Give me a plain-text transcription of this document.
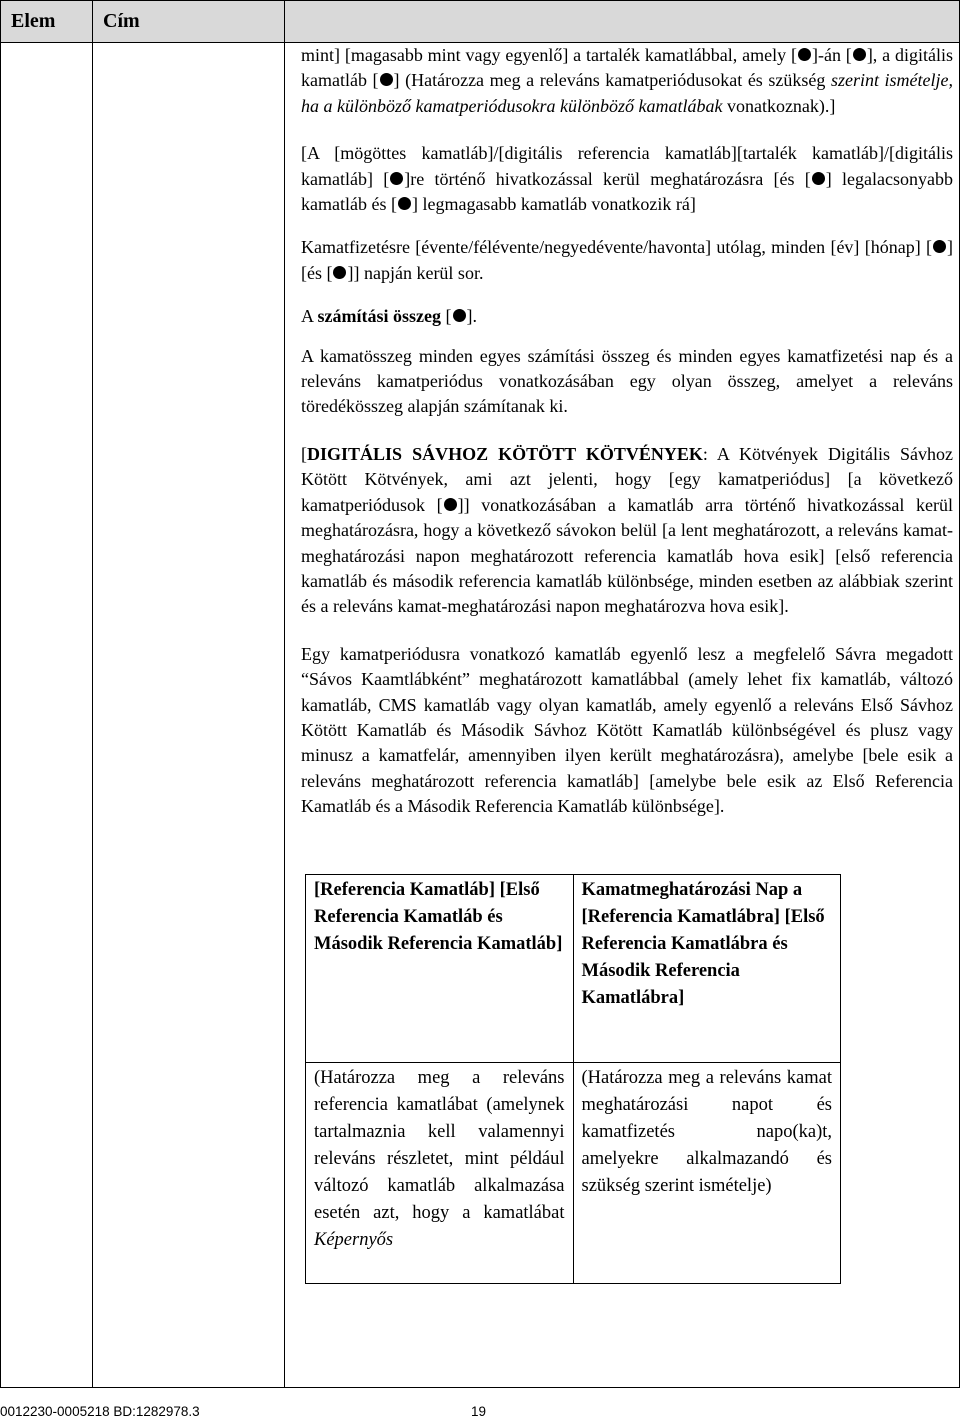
Elem	Cím	

mint] [magasabb mint vagy egyenlő] a tartalék kamatlábbal, amely [ ]-án [ ], a digitális kamatláb [ ] (Határozza meg a releváns kamatperiódusokat és szükség szerint ismételje, ha a különböző kamatperiódusokra különböző kamatlábak vonatkoznak).]

[A [mögöttes kamatláb]/[digitális referencia kamatláb][tartalék kamatláb]/[digitális kamatláb] [ ]re történő hivatkozással kerül meghatározásra [és [ ] legalacsonyabb kamatláb és [ ] legmagasabb kamatláb vonatkozik rá]

Kamatfizetésre [évente/félévente/negyedévente/havonta] utólag, minden [év] [hónap] [ ] [és [ ]] napján kerül sor.

A számítási összeg [ ].

A kamatösszeg minden egyes számítási összeg és minden egyes kamatfizetési nap és a releváns kamatperiódus vonatkozásában egy olyan összeg, amelyet a releváns töredékösszeg alapján számítanak ki.

[DIGITÁLIS SÁVHOZ KÖTÖTT KÖTVÉNYEK: A Kötvények Digitális Sávhoz Kötött Kötvények, ami azt jelenti, hogy [egy kamatperiódus] [a következő kamatperiódusok [ ]] vonatkozásában a kamatláb arra történő hivatkozással kerül meghatározásra, hogy a következő sávokon belül [a lent meghatározott, a releváns kamat-meghatározási napon meghatározott referencia kamatláb hova esik] [első referencia kamatláb és második referencia kamatláb különbsége, minden esetben az alábbiak szerint és a releváns kamat-meghatározási napon meghatározva hova esik].

Egy kamatperiódusra vonatkozó kamatláb egyenlő lesz a megfelelő Sávra megadott “Sávos Kaamtlábként” meghatározott kamatlábbal (amely lehet fix kamatláb, változó kamatláb, CMS kamatláb vagy olyan kamatláb, amely egyenlő a releváns Első Sávhoz Kötött Kamatláb és Második Sávhoz Kötött Kamatláb különbségével és plusz vagy minusz a kamatfelár, amennyiben ilyen került meghatározásra), amelybe [bele esik a releváns meghatározott referencia kamatláb] [amelybe bele esik az Első Referencia Kamatláb és a Második Referencia Kamatláb különbsége].

[Referencia Kamatláb] [Első Referencia Kamatláb és Második Referencia Kamatláb]	Kamatmeghatározási Nap a [Referencia Kamatlábra] [Első Referencia Kamatlábra és Második Referencia Kamatlábra]
(Határozza meg a releváns referencia kamatlábat (amelynek tartalmaznia kell valamennyi releváns részletet, mint például változó kamatláb alkalmazása esetén azt, hogy a kamatlábat Képernyős	(Határozza meg a releváns kamat meghatározási napot és kamatfizetés napo(ka)t, amelyekre alkalmazandó és szükség szerint ismételje)
0012230-0005218 BD:1282978.3	19
